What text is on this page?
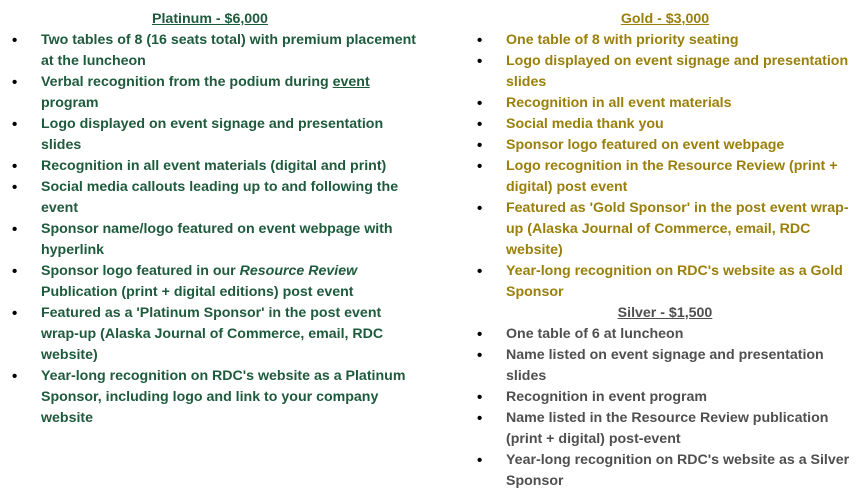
Platinum - $6,000

• Two tables of 8 (16 seats total) with premium placement at the luncheon
• Verbal recognition from the podium during event program
• Logo displayed on event signage and presentation slides
• Recognition in all event materials (digital and print)
• Social media callouts leading up to and following the event
• Sponsor name/logo featured on event webpage with hyperlink
• Sponsor logo featured in our Resource Review Publication (print + digital editions) post event
• Featured as a 'Platinum Sponsor' in the post event wrap-up (Alaska Journal of Commerce, email, RDC website)
• Year-long recognition on RDC's website as a Platinum Sponsor, including logo and link to your company website

Gold - $3,000

• One table of 8 with priority seating
• Logo displayed on event signage and presentation slides
• Recognition in all event materials
• Social media thank you
• Sponsor logo featured on event webpage
• Logo recognition in the Resource Review (print + digital) post event
• Featured as 'Gold Sponsor' in the post event wrap-up (Alaska Journal of Commerce, email, RDC website)
• Year-long recognition on RDC's website as a Gold Sponsor

Silver - $1,500

• One table of 6 at luncheon
• Name listed on event signage and presentation slides
• Recognition in event program
• Name listed in the Resource Review publication (print + digital) post-event
• Year-long recognition on RDC's website as a Silver Sponsor
